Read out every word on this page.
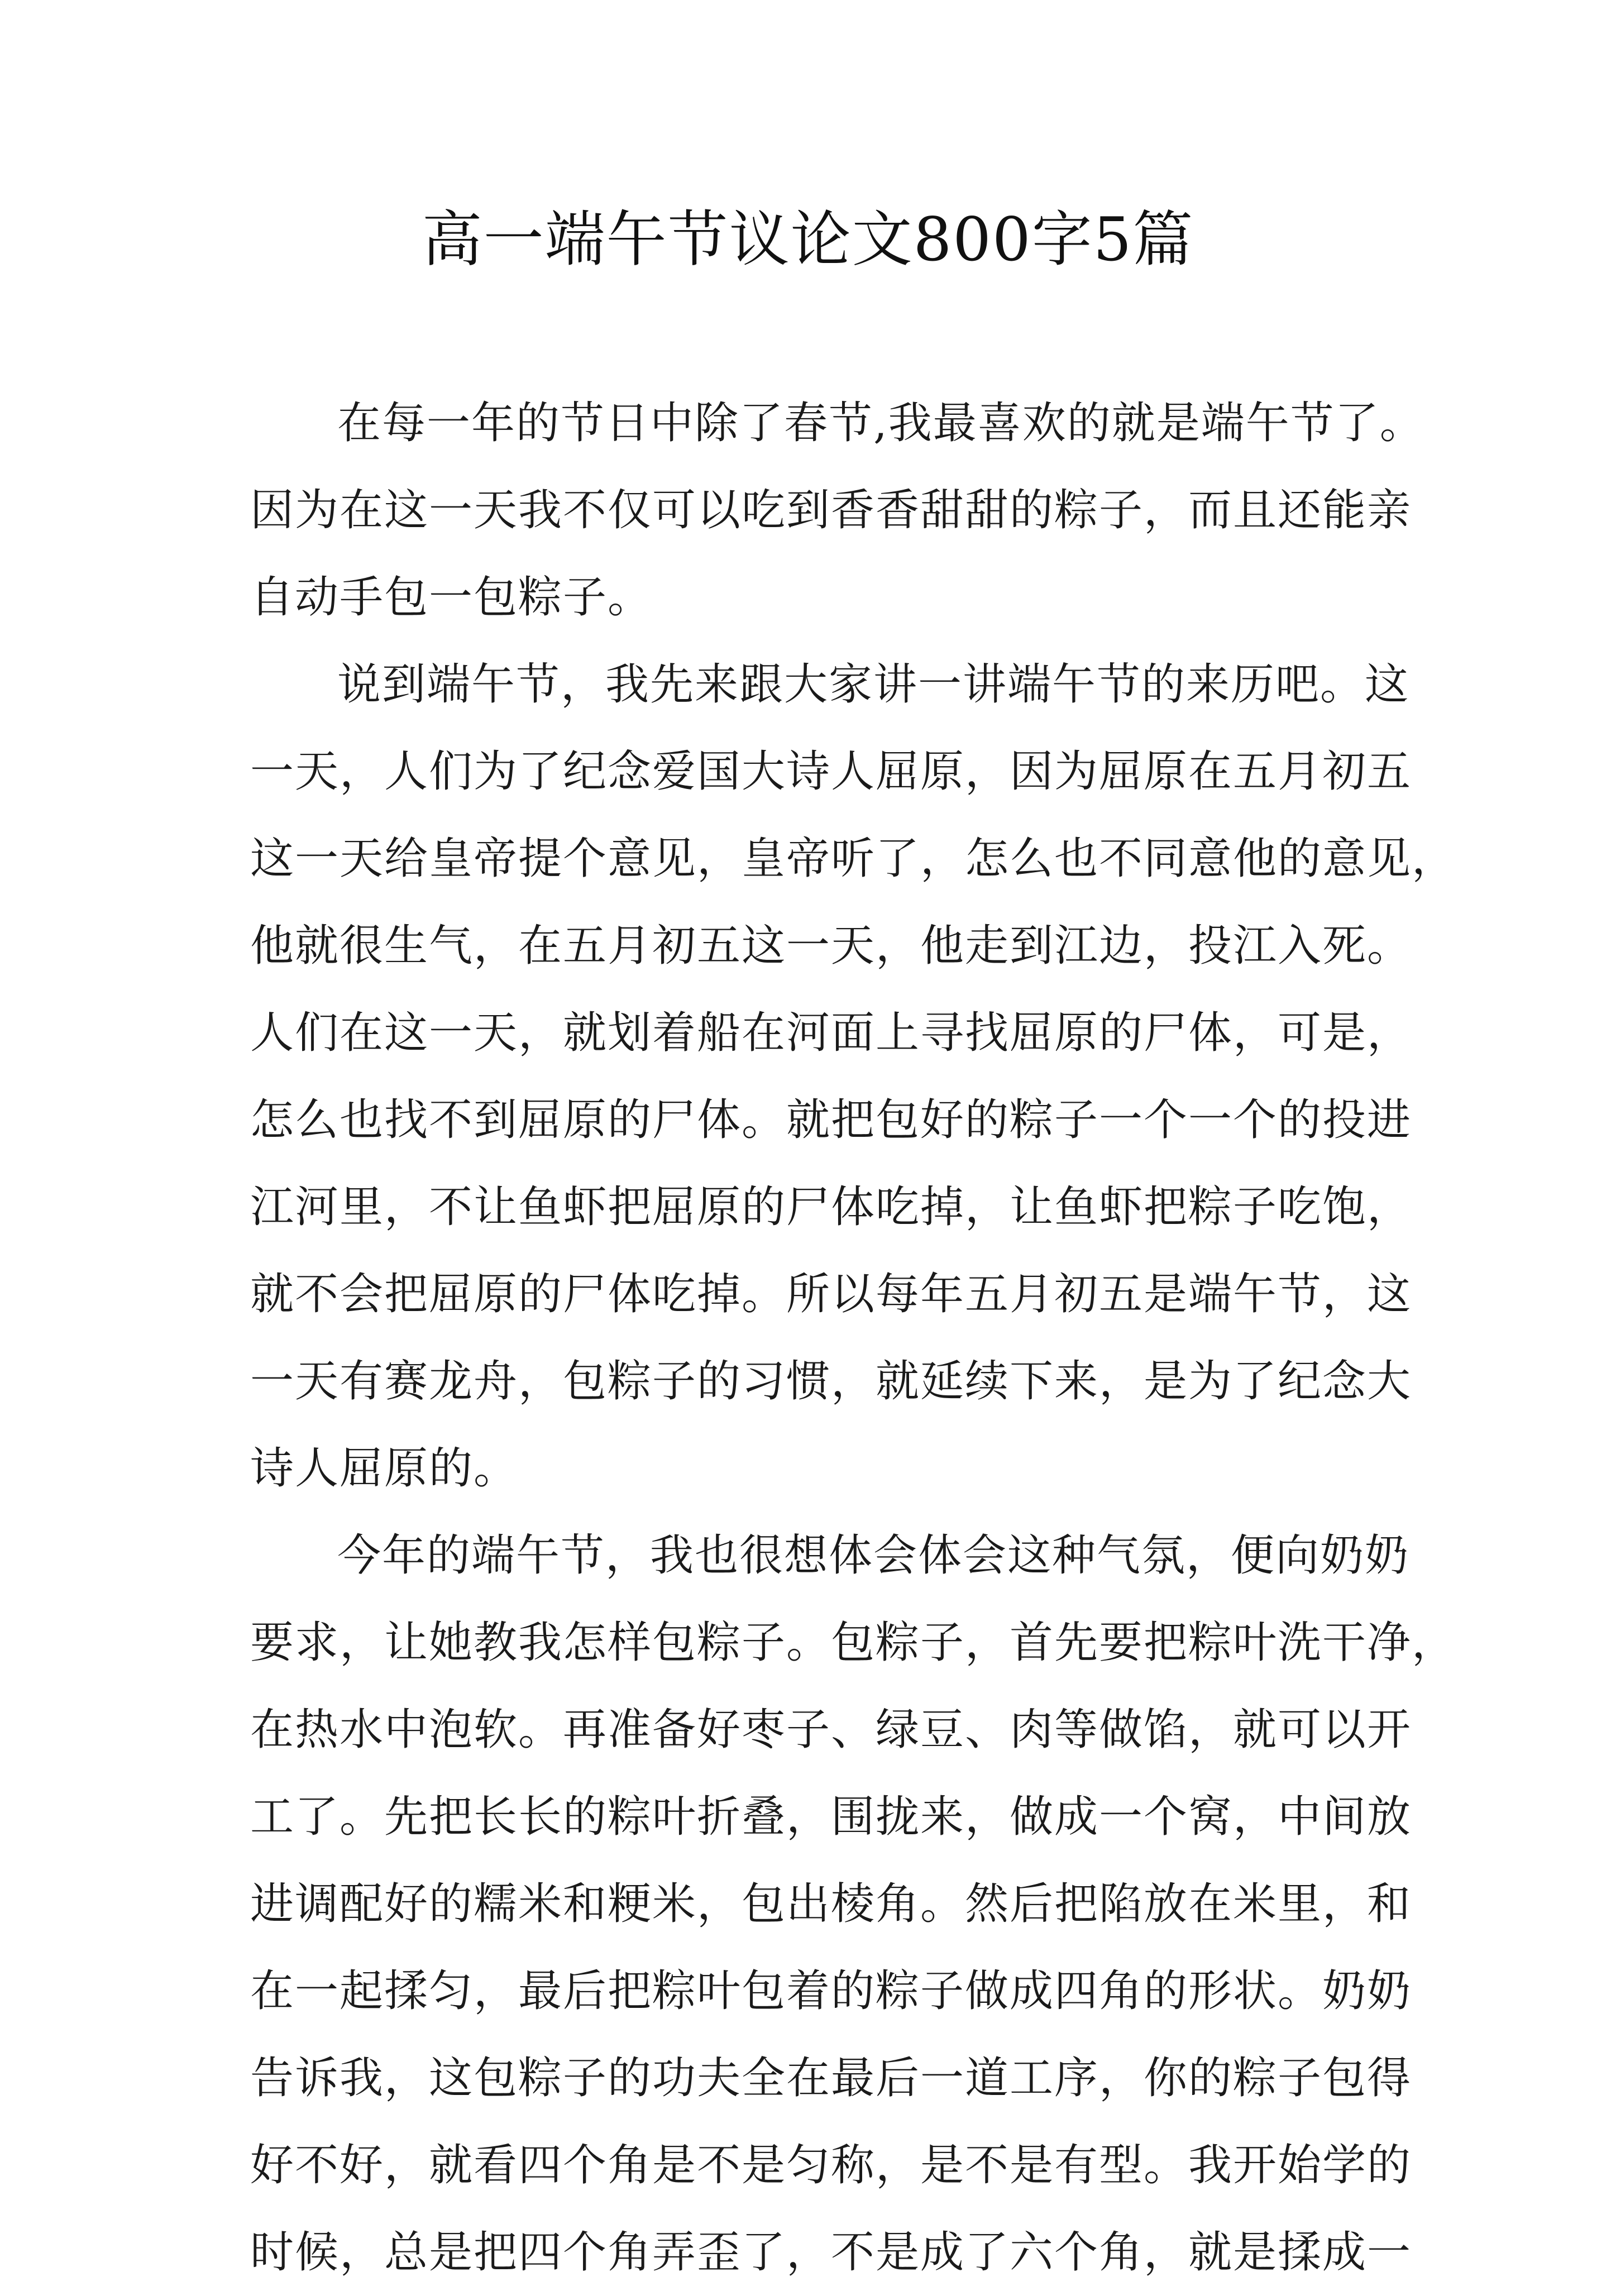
高一端午节议论文800字5篇
在每一年的节日中除了春节,我最喜欢的就是端午节了。
因为在这一天我不仅可以吃到香香甜甜的粽子，而且还能亲
自动手包一包粽子。
说到端午节，我先来跟大家讲一讲端午节的来历吧。这
一天，人们为了纪念爱国大诗人屈原，因为屈原在五月初五
这一天给皇帝提个意见，皇帝听了，怎么也不同意他的意见，
他就很生气，在五月初五这一天，他走到江边，投江入死。
人们在这一天，就划着船在河面上寻找屈原的尸体，可是，
怎么也找不到屈原的尸体。就把包好的粽子一个一个的投进
江河里，不让鱼虾把屈原的尸体吃掉，让鱼虾把粽子吃饱，
就不会把屈原的尸体吃掉。所以每年五月初五是端午节，这
一天有赛龙舟，包粽子的习惯，就延续下来，是为了纪念大
诗人屈原的。
今年的端午节，我也很想体会体会这种气氛，便向奶奶
要求，让她教我怎样包粽子。包粽子，首先要把粽叶洗干净，
在热水中泡软。再准备好枣子、绿豆、肉等做馅，就可以开
工了。先把长长的粽叶折叠，围拢来，做成一个窝，中间放
进调配好的糯米和粳米，包出棱角。然后把陷放在米里，和
在一起揉匀，最后把粽叶包着的粽子做成四角的形状。奶奶
告诉我，这包粽子的功夫全在最后一道工序，你的粽子包得
好不好，就看四个角是不是匀称，是不是有型。我开始学的
时候，总是把四个角弄歪了，不是成了六个角，就是揉成一
